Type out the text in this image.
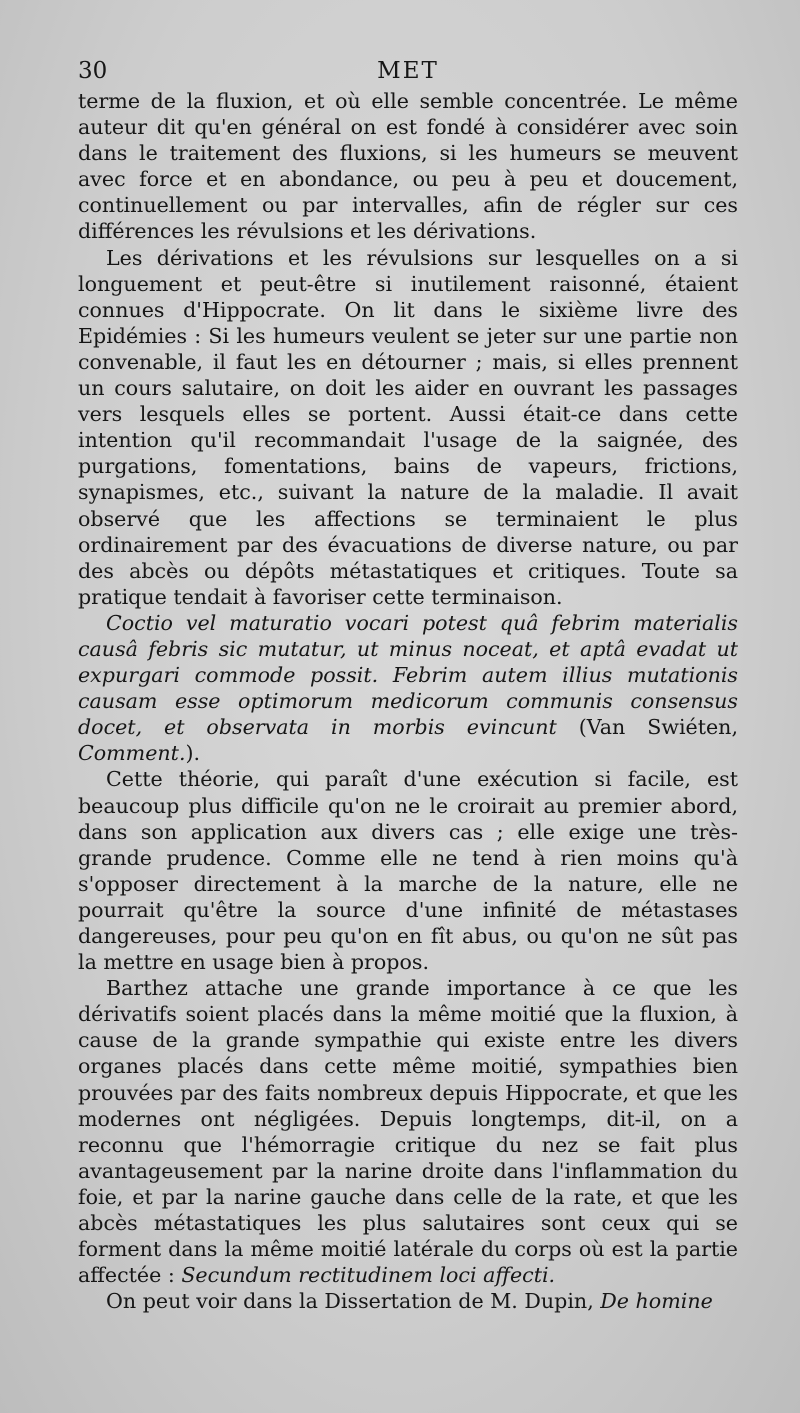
30	MET

terme de la fluxion, et où elle semble concentrée. Le même auteur dit qu'en général on est fondé à considérer avec soin dans le traitement des fluxions, si les humeurs se meuvent avec force et en abondance, ou peu à peu et doucement, continuellement ou par intervalles, afin de régler sur ces différences les révulsions et les dérivations.

Les dérivations et les révulsions sur lesquelles on a si longuement et peut-être si inutilement raisonné, étaient connues d'Hippocrate. On lit dans le sixième livre des Epidémies : Si les humeurs veulent se jeter sur une partie non convenable, il faut les en détourner ; mais, si elles prennent un cours salutaire, on doit les aider en ouvrant les passages vers lesquels elles se portent. Aussi était-ce dans cette intention qu'il recommandait l'usage de la saignée, des purgations, fomentations, bains de vapeurs, frictions, synapismes, etc., suivant la nature de la maladie. Il avait observé que les affections se terminaient le plus ordinairement par des évacuations de diverse nature, ou par des abcès ou dépôts métastatiques et critiques. Toute sa pratique tendait à favoriser cette terminaison.

Coctio vel maturatio vocari potest quâ febrim materialis causâ febris sic mutatur, ut minus noceat, et aptâ evadat ut expurgari commode possit. Febrim autem illius mutationis causam esse optimorum medicorum communis consensus docet, et observata in morbis evincunt (Van Swiéten, Comment.).

Cette théorie, qui paraît d'une exécution si facile, est beaucoup plus difficile qu'on ne le croirait au premier abord, dans son application aux divers cas ; elle exige une très-grande prudence. Comme elle ne tend à rien moins qu'à s'opposer directement à la marche de la nature, elle ne pourrait qu'être la source d'une infinité de métastases dangereuses, pour peu qu'on en fît abus, ou qu'on ne sût pas la mettre en usage bien à propos.

Barthez attache une grande importance à ce que les dérivatifs soient placés dans la même moitié que la fluxion, à cause de la grande sympathie qui existe entre les divers organes placés dans cette même moitié, sympathies bien prouvées par des faits nombreux depuis Hippocrate, et que les modernes ont négligées. Depuis longtemps, dit-il, on a reconnu que l'hémorragie critique du nez se fait plus avantageusement par la narine droite dans l'inflammation du foie, et par la narine gauche dans celle de la rate, et que les abcès métastatiques les plus salutaires sont ceux qui se forment dans la même moitié latérale du corps où est la partie affectée : Secundum rectitudinem loci affecti.

On peut voir dans la Dissertation de M. Dupin, De homine
